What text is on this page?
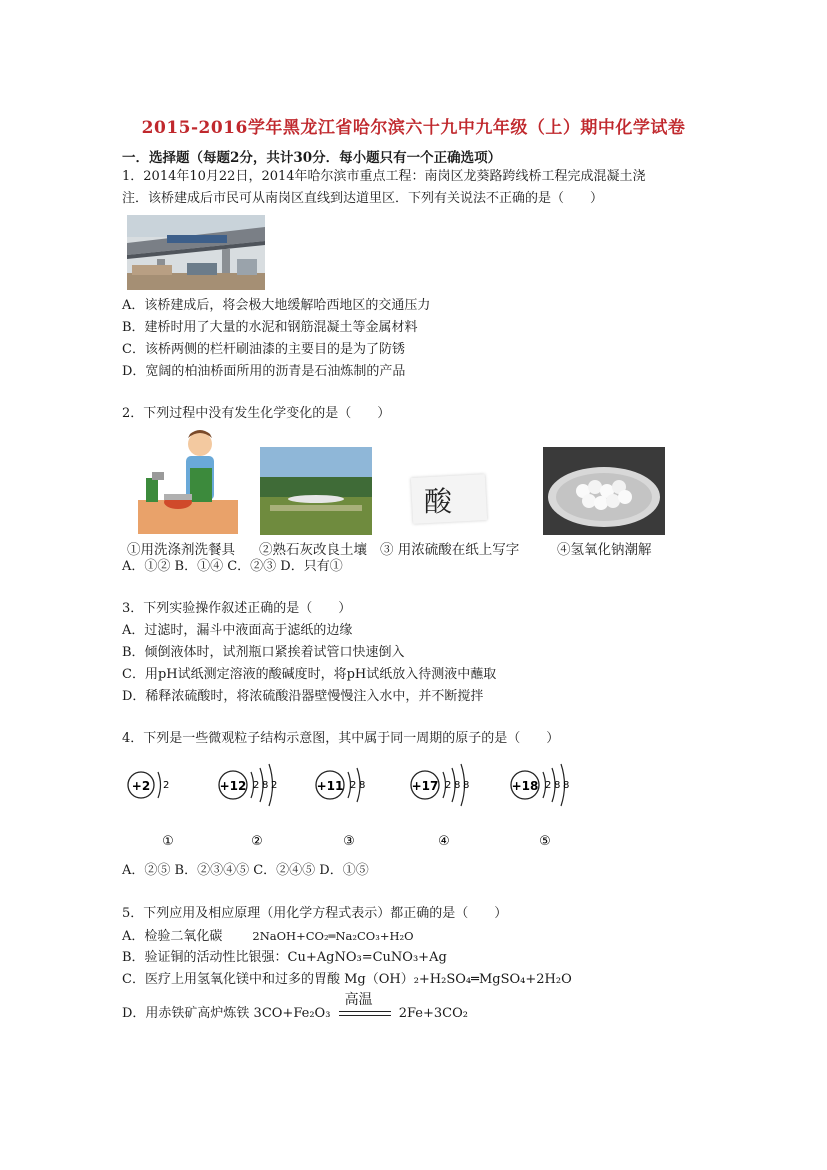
2015-2016学年黑龙江省哈尔滨六十九中九年级（上）期中化学试卷
一．选择题（每题2分，共计30分．每小题只有一个正确选项）
1．2014年10月22日，2014年哈尔滨市重点工程：南岗区龙葵路跨线桥工程完成混凝土浇
注．该桥建成后市民可从南岗区直线到达道里区．下列有关说法不正确的是（　　）
A．该桥建成后，将会极大地缓解哈西地区的交通压力
B．建桥时用了大量的水泥和钢筋混凝土等金属材料
C．该桥两侧的栏杆刷油漆的主要目的是为了防锈
D．宽阔的柏油桥面所用的沥青是石油炼制的产品
2．下列过程中没有发生化学变化的是（　　）
酸
①用洗涤剂洗餐具 ②熟石灰改良土壤 ③ 用浓硫酸在纸上写字	④氢氧化钠潮解
A．①② B．①④ C．②③ D．只有①
3．下列实验操作叙述正确的是（　　）
A．过滤时，漏斗中液面高于滤纸的边缘
B．倾倒液体时，试剂瓶口紧挨着试管口快速倒入
C．用pH试纸测定溶液的酸碱度时，将pH试纸放入待测液中蘸取
D．稀释浓硫酸时，将浓硫酸沿器壁慢慢注入水中，并不断搅拌
4．下列是一些微观粒子结构示意图，其中属于同一周期的原子的是（　　）
+2 2
①
+12 2 8 2
②
+11 2 8
③
+17 2 8 8
④
+18 2 8 8
⑤
A．②⑤ B．②③④⑤ C．②④⑤ D．①⑤
5．下列应用及相应原理（用化学方程式表示）都正确的是（　　）
A．检验二氧化碳	2NaOH+CO₂═Na₂CO₃+H₂O
B．验证铜的活动性比银强：Cu+AgNO₃=CuNO₃+Ag
C．医疗上用氢氧化镁中和过多的胃酸 Mg（OH）₂+H₂SO₄═MgSO₄+2H₂O
D．用赤铁矿高炉炼铁 3CO+Fe₂O₃
高温
2Fe+3CO₂
